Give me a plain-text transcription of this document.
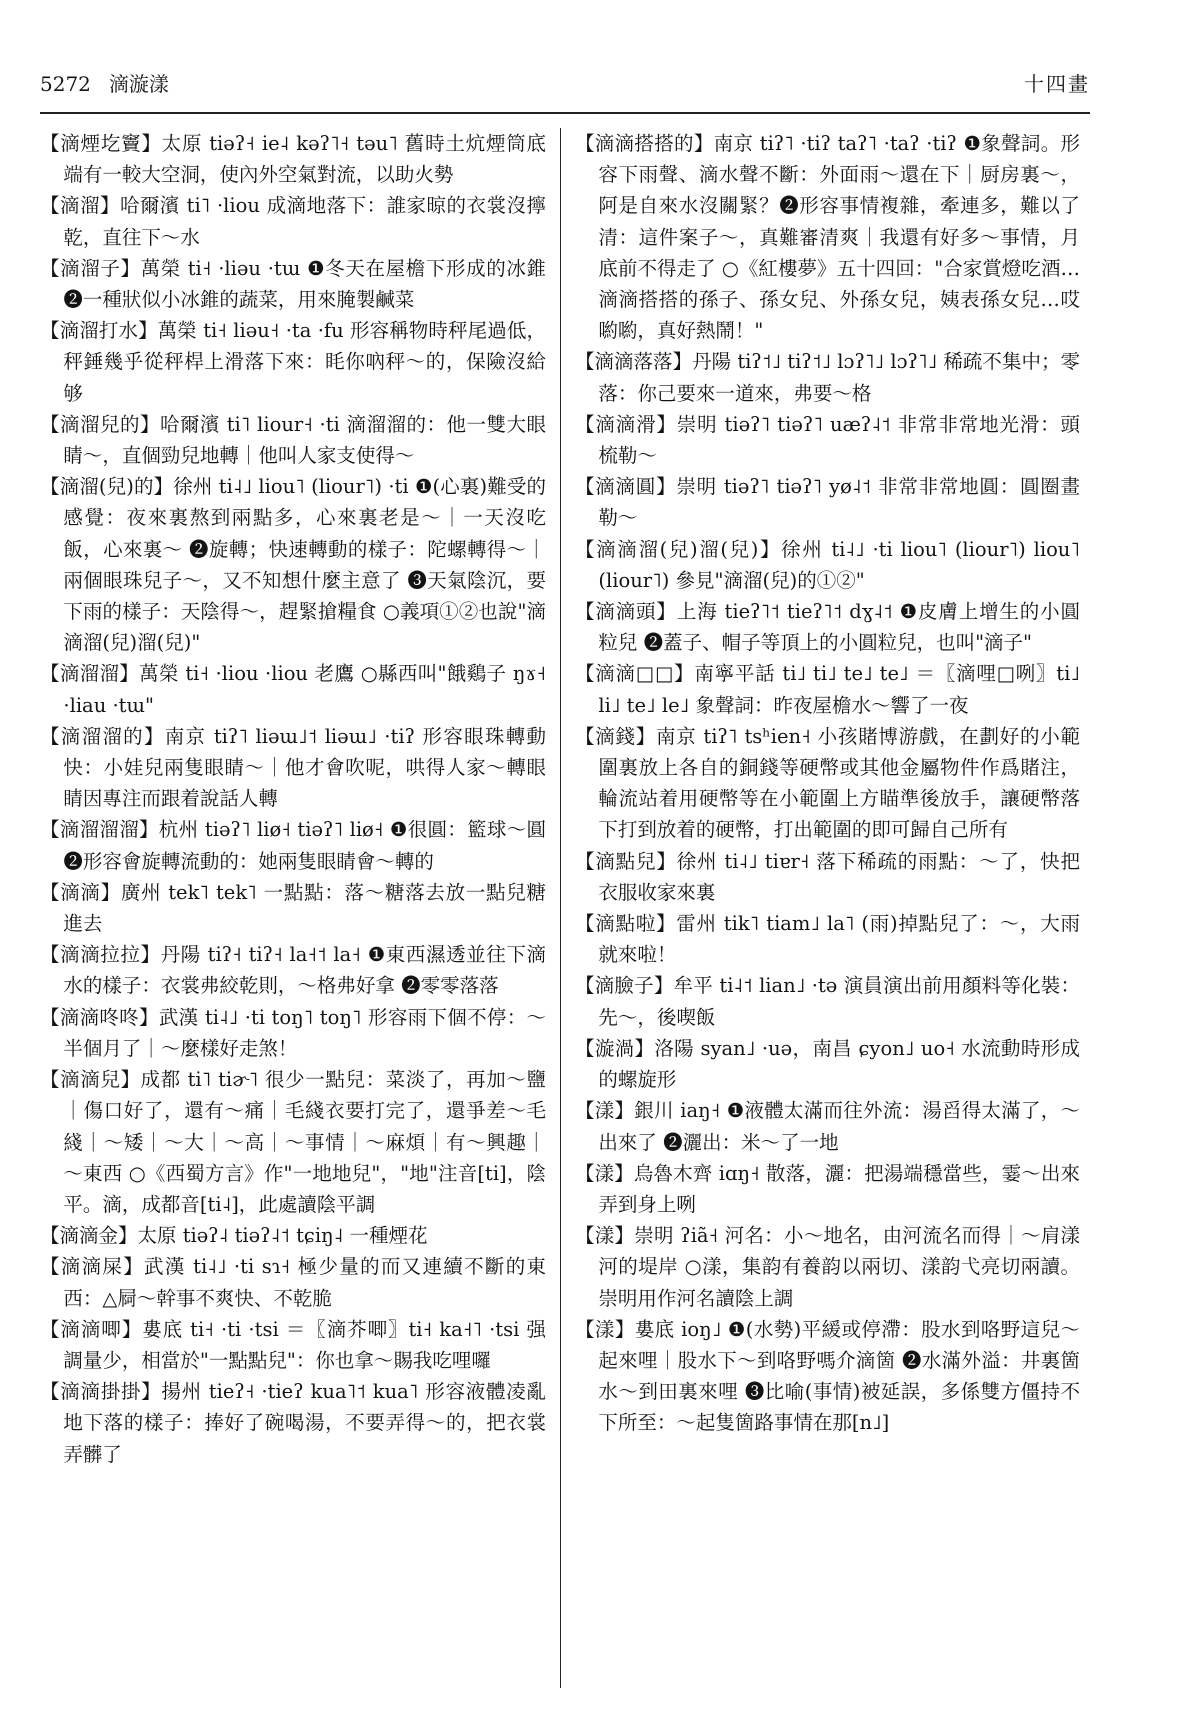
5272 滴漩漾	十四畫

【滴煙圪竇】太原 tiəʔ˧ ie˨ kəʔ˥˧ təu˥ 舊時土炕煙筒底端有一較大空洞，使內外空氣對流，以助火勢

【滴溜】哈爾濱 ti˥ ·liou 成滴地落下：誰家晾的衣裳沒擰乾，直往下～水

【滴溜子】萬榮 ti˧ ·liəu ·tɯ ❶冬天在屋檐下形成的冰錐 ❷一種狀似小冰錐的蔬菜，用來腌製鹹菜

【滴溜打水】萬榮 ti˧ liəu˧ ·ta ·fu 形容稱物時秤尾過低，秤錘幾乎從秤桿上滑落下來：眊你吶秤～的，保險沒給够

【滴溜兒的】哈爾濱 ti˥ liour˧ ·ti 滴溜溜的：他一雙大眼睛～，直個勁兒地轉｜他叫人家支使得～

【滴溜(兒)的】徐州 ti˨˩ liou˥ (liour˥) ·ti ❶(心裏)難受的感覺：夜來裏熬到兩點多，心來裏老是～｜一天沒吃飯，心來裏～ ❷旋轉；快速轉動的樣子：陀螺轉得～｜兩個眼珠兒子～，又不知想什麼主意了 ❸天氣陰沉，要下雨的樣子：天陰得～，趕緊搶糧食 ○義項①②也說"滴滴溜(兒)溜(兒)"

【滴溜溜】萬榮 ti˧ ·liou ·liou 老鷹 ○縣西叫"餓鷄子 ŋɤ˧ ·liau ·tɯ"

【滴溜溜的】南京 tiʔ˥ liəɯ˩˦ liəɯ˩ ·tiʔ 形容眼珠轉動快：小娃兒兩隻眼睛～｜他才會吹呢，哄得人家～轉眼睛因專注而跟着說話人轉

【滴溜溜溜】杭州 tiəʔ˥ liø˧ tiəʔ˥ liø˧ ❶很圓：籃球～圓 ❷形容會旋轉流動的：她兩隻眼睛會～轉的

【滴滴】廣州 tek˥ tek˥ 一點點：落～糖落去放一點兒糖進去

【滴滴拉拉】丹陽 tiʔ˧ tiʔ˧ la˧˦ la˧ ❶東西濕透並往下滴水的樣子：衣裳弗絞乾則，～格弗好拿 ❷零零落落

【滴滴咚咚】武漢 ti˨˩ ·ti toŋ˥ toŋ˥ 形容雨下個不停：～半個月了｜～麼樣好走煞！

【滴滴兒】成都 ti˥ tiɚ˥ 很少一點兒：菜淡了，再加～鹽｜傷口好了，還有～痛｜毛綫衣要打完了，還爭差～毛綫｜～矮｜～大｜～高｜～事情｜～麻煩｜有～興趣｜～東西 ○《西蜀方言》作"一地地兒"，"地"注音[ti]，陰平。滴，成都音[ti˨]，此處讀陰平調

【滴滴金】太原 tiəʔ˨ tiəʔ˨˦ tɕiŋ˨ 一種煙花

【滴滴屎】武漢 ti˨˩ ·ti sɿ˧ 極少量的而又連續不斷的東西：△屙～幹事不爽快、不乾脆

【滴滴唧】婁底 ti˧ ·ti ·tsi ＝〖滴芥唧〗ti˧ ka˧˥ ·tsi 强調量少，相當於"一點點兒"：你也拿～賜我吃哩囉

【滴滴掛掛】揚州 tieʔ˧ ·tieʔ kua˥˦ kua˥ 形容液體凌亂地下落的樣子：捧好了碗喝湯，不要弄得～的，把衣裳弄髒了

【滴滴搭搭的】南京 tiʔ˥ ·tiʔ taʔ˥ ·taʔ ·tiʔ ❶象聲詞。形容下雨聲、滴水聲不斷：外面雨～還在下｜厨房裏～，阿是自來水沒關緊？❷形容事情複雜，牽連多，難以了清：這件案子～，真難審清爽｜我還有好多～事情，月底前不得走了 ○《紅樓夢》五十四回："合家賞燈吃酒…滴滴搭搭的孫子、孫女兒、外孫女兒，姨表孫女兒…哎喲喲，真好熱鬧！"

【滴滴落落】丹陽 tiʔ˦˩ tiʔ˦˩ lɔʔ˥˩ lɔʔ˥˩ 稀疏不集中；零落：你己要來一道來，弗要～格

【滴滴滑】崇明 tiəʔ˥ tiəʔ˥ uæʔ˨˦ 非常非常地光滑：頭梳勒～

【滴滴圓】崇明 tiəʔ˥ tiəʔ˥ yø˨˦ 非常非常地圓：圓圈畫勒～

【滴滴溜(兒)溜(兒)】徐州 ti˨˩ ·ti liou˥ (liour˥) liou˥ (liour˥) 參見"滴溜(兒)的①②"

【滴滴頭】上海 tieʔ˥˦ tieʔ˥˦ dɣ˨˦ ❶皮膚上增生的小圓粒兒 ❷蓋子、帽子等頂上的小圓粒兒，也叫"滴子"

【滴滴□□】南寧平話 ti˩ ti˩ te˩ te˩ ＝〖滴哩□咧〗ti˩ li˩ te˩ le˩ 象聲詞：昨夜屋檐水～響了一夜

【滴錢】南京 tiʔ˥ tsʰien˧ 小孩賭博游戲，在劃好的小範圍裏放上各自的銅錢等硬幣或其他金屬物件作爲賭注，輪流站着用硬幣等在小範圍上方瞄準後放手，讓硬幣落下打到放着的硬幣，打出範圍的即可歸自己所有

【滴點兒】徐州 ti˨˩ tiɐr˧ 落下稀疏的雨點：～了，快把衣服收家來裏

【滴點啦】雷州 tik˥ tiam˩ la˥ (雨)掉點兒了：～，大雨就來啦！

【滴臉子】牟平 ti˨˦ lian˩ ·tə 演員演出前用顏料等化裝：先～，後喫飯

【漩渦】洛陽 syan˩ ·uə，南昌 ɕyon˩ uo˧ 水流動時形成的螺旋形

【漾】銀川 iaŋ˧ ❶液體太滿而往外流：湯舀得太滿了，～出來了 ❷灑出：米～了一地

【漾】烏魯木齊 iɑŋ˧ 散落，灑：把湯端穩當些，霎～出來弄到身上咧

【漾】崇明 ʔiã˧ 河名：小～地名，由河流名而得｜～肩漾河的堤岸 ○漾，集韵有養韵以兩切、漾韵弋亮切兩讀。崇明用作河名讀陰上調

【漾】婁底 ioŋ˩ ❶(水勢)平緩或停滯：股水到咯野這兒～起來哩｜股水下～到咯野嗎介滴箇 ❷水滿外溢：井裏箇水～到田裏來哩 ❸比喻(事情)被延誤，多係雙方僵持不下所至：～起隻箇路事情在那[n˩]
